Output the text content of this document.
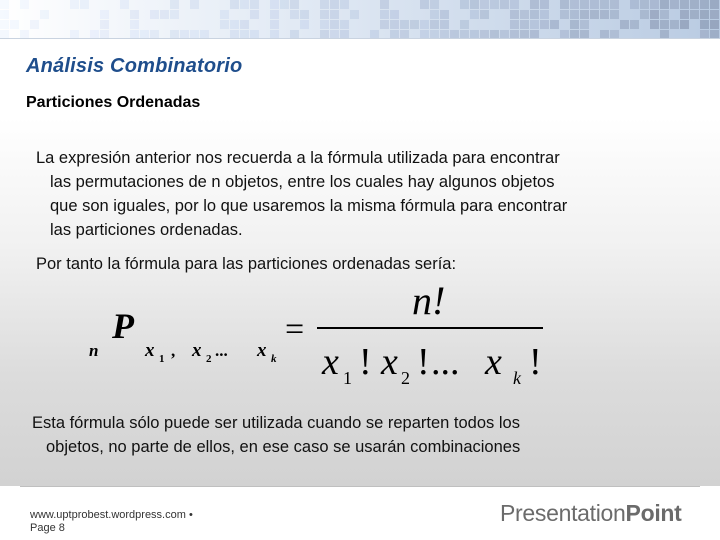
Análisis Combinatorio
Particiones Ordenadas
La expresión anterior nos recuerda a la fórmula utilizada para encontrar
las permutaciones de n objetos, entre los cuales hay algunos objetos
que son iguales, por lo que usaremos la misma fórmula para encontrar
las particiones ordenadas.
Por tanto la fórmula para las particiones ordenadas sería:
n
P
x 1 , x 2 ... x k
=
n!
x 1 ! x 2 ! ... x k !
Esta fórmula sólo puede ser utilizada cuando se reparten todos los
objetos, no parte de ellos, en ese caso se usarán combinaciones
www.uptprobest.wordpress.com •
Page 8
PresentationPoint
